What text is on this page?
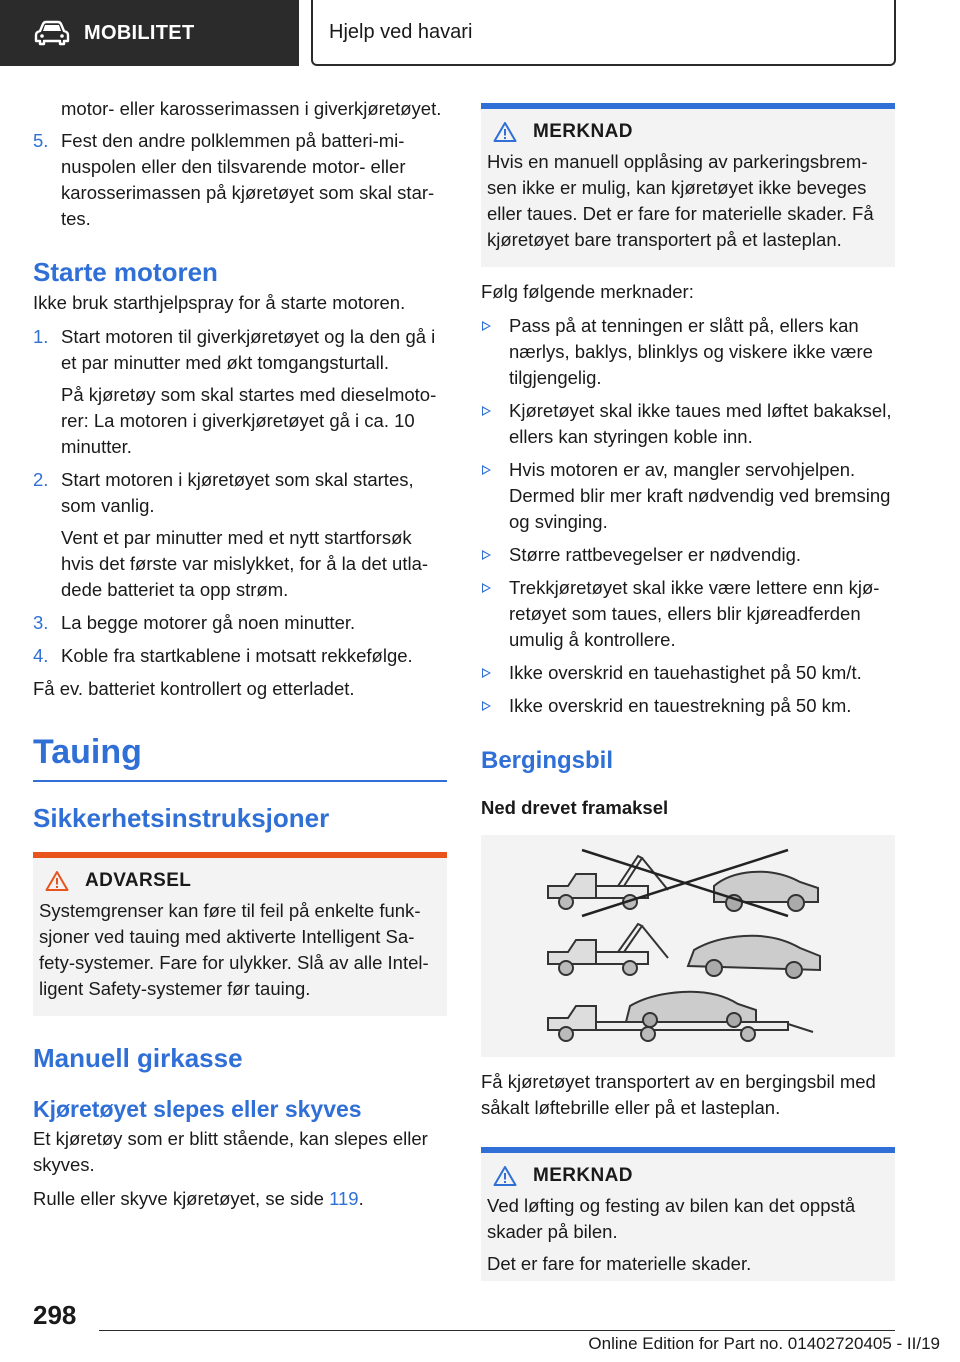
MOBILITET	Hjelp ved havari
motor- eller karosserimassen i giverkjøretøyet.
5. Fest den andre polklemmen på batteri-minuspolen eller den tilsvarende motor- eller karosserimassen på kjøretøyet som skal startes.
Starte motoren

Ikke bruk starthjelpspray for å starte motoren.

1. Start motoren til giverkjøretøyet og la den gå i et par minutter med økt tomgangsturtall.
På kjøretøy som skal startes med dieselmotorer: La motoren i giverkjøretøyet gå i ca. 10 minutter.
2. Start motoren i kjøretøyet som skal startes, som vanlig.
Vent et par minutter med et nytt startforsøk hvis det første var mislykket, for å la det utladede batteriet ta opp strøm.
3. La begge motorer gå noen minutter.
4. Koble fra startkablene i motsatt rekkefølge.

Få ev. batteriet kontrollert og etterladet.

Tauing
Sikkerhetsinstruksjoner
ADVARSEL

Systemgrenser kan føre til feil på enkelte funksjoner ved tauing med aktiverte Intelligent Safety-systemer. Fare for ulykker. Slå av alle Intelligent Safety-systemer før tauing.

Manuell girkasse
Kjøretøyet slepes eller skyves

Et kjøretøy som er blitt stående, kan slepes eller skyves.

Rulle eller skyve kjøretøyet, se side 119.

MERKNAD

Hvis en manuell opplåsing av parkeringsbremsen ikke er mulig, kan kjøretøyet ikke beveges eller taues. Det er fare for materielle skader. Få kjøretøyet bare transportert på et lasteplan.

Følg følgende merknader:

Pass på at tenningen er slått på, ellers kan nærlys, baklys, blinklys og viskere ikke være tilgjengelig.
Kjøretøyet skal ikke taues med løftet bakaksel, ellers kan styringen koble inn.
Hvis motoren er av, mangler servohjelpen. Dermed blir mer kraft nødvendig ved bremsing og svinging.
Større rattbevegelser er nødvendig.
Trekkjøretøyet skal ikke være lettere enn kjøretøyet som taues, ellers blir kjøreadferden umulig å kontrollere.
Ikke overskrid en tauehastighet på 50 km/t.
Ikke overskrid en tauestrekning på 50 km.
Bergingsbil
Ned drevet framaksel

Få kjøretøyet transportert av en bergingsbil med såkalt løftebrille eller på et lasteplan.

MERKNAD

Ved løfting og festing av bilen kan det oppstå skader på bilen.

Det er fare for materielle skader.

298
Online Edition for Part no. 01402720405 - II/19
